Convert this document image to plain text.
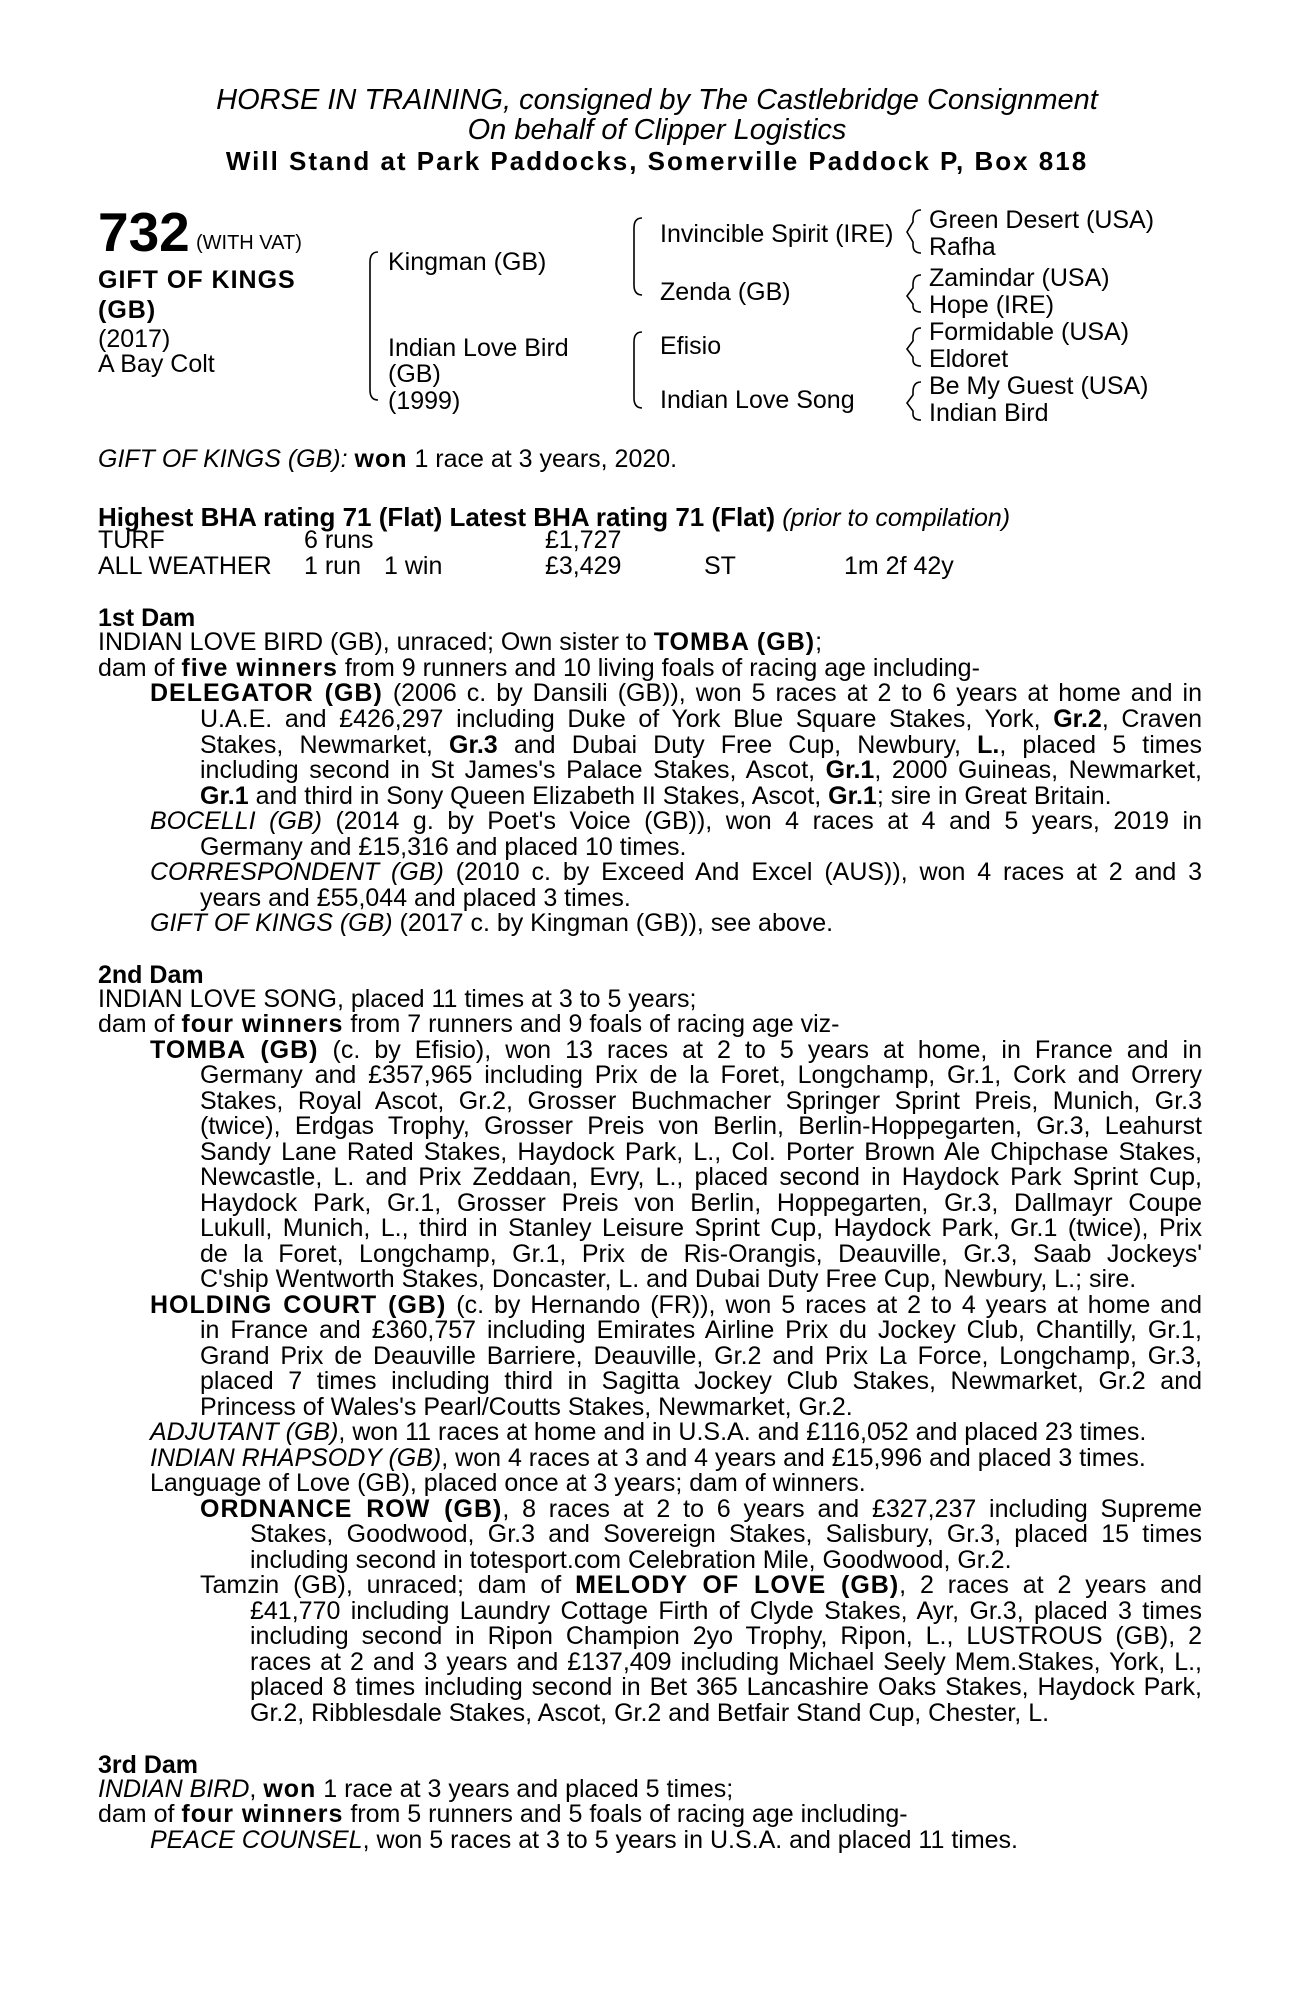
HORSE IN TRAINING, consigned by The Castlebridge Consignment
On behalf of Clipper Logistics
Will Stand at Park Paddocks, Somerville Paddock P, Box 818
732 (WITH VAT)
GIFT OF KINGS (GB)
(2017)
A Bay Colt
Kingman (GB)
Indian Love Bird
(GB)
(1999)
Invincible Spirit (IRE)
Zenda (GB)
Efisio
Indian Love Song
Green Desert (USA)
Rafha
Zamindar (USA)
Hope (IRE)
Formidable (USA)
Eldoret
Be My Guest (USA)
Indian Bird
GIFT OF KINGS (GB): won 1 race at 3 years, 2020.
Highest BHA rating 71 (Flat) Latest BHA rating 71 (Flat) (prior to compilation)
TURF	6 runs	£1,727
ALL WEATHER 1 run 1 win	£3,429	ST	1m 2f 42y
1st Dam
INDIAN LOVE BIRD (GB), unraced; Own sister to TOMBA (GB);
dam of five winners from 9 runners and 10 living foals of racing age including-
DELEGATOR (GB) (2006 c. by Dansili (GB)), won 5 races at 2 to 6 years at home and in
U.A.E. and £426,297 including Duke of York Blue Square Stakes, York, Gr.2, Craven
Stakes, Newmarket, Gr.3 and Dubai Duty Free Cup, Newbury, L., placed 5 times
including second in St James's Palace Stakes, Ascot, Gr.1, 2000 Guineas, Newmarket,
Gr.1 and third in Sony Queen Elizabeth II Stakes, Ascot, Gr.1; sire in Great Britain.
BOCELLI (GB) (2014 g. by Poet's Voice (GB)), won 4 races at 4 and 5 years, 2019 in
Germany and £15,316 and placed 10 times.
CORRESPONDENT (GB) (2010 c. by Exceed And Excel (AUS)), won 4 races at 2 and 3
years and £55,044 and placed 3 times.
GIFT OF KINGS (GB) (2017 c. by Kingman (GB)), see above.
2nd Dam
INDIAN LOVE SONG, placed 11 times at 3 to 5 years;
dam of four winners from 7 runners and 9 foals of racing age viz-
TOMBA (GB) (c. by Efisio), won 13 races at 2 to 5 years at home, in France and in
Germany and £357,965 including Prix de la Foret, Longchamp, Gr.1, Cork and Orrery
Stakes, Royal Ascot, Gr.2, Grosser Buchmacher Springer Sprint Preis, Munich, Gr.3
(twice), Erdgas Trophy, Grosser Preis von Berlin, Berlin-Hoppegarten, Gr.3, Leahurst
Sandy Lane Rated Stakes, Haydock Park, L., Col. Porter Brown Ale Chipchase Stakes,
Newcastle, L. and Prix Zeddaan, Evry, L., placed second in Haydock Park Sprint Cup,
Haydock Park, Gr.1, Grosser Preis von Berlin, Hoppegarten, Gr.3, Dallmayr Coupe
Lukull, Munich, L., third in Stanley Leisure Sprint Cup, Haydock Park, Gr.1 (twice), Prix
de la Foret, Longchamp, Gr.1, Prix de Ris-Orangis, Deauville, Gr.3, Saab Jockeys'
C'ship Wentworth Stakes, Doncaster, L. and Dubai Duty Free Cup, Newbury, L.; sire.
HOLDING COURT (GB) (c. by Hernando (FR)), won 5 races at 2 to 4 years at home and
in France and £360,757 including Emirates Airline Prix du Jockey Club, Chantilly, Gr.1,
Grand Prix de Deauville Barriere, Deauville, Gr.2 and Prix La Force, Longchamp, Gr.3,
placed 7 times including third in Sagitta Jockey Club Stakes, Newmarket, Gr.2 and
Princess of Wales's Pearl/Coutts Stakes, Newmarket, Gr.2.
ADJUTANT (GB), won 11 races at home and in U.S.A. and £116,052 and placed 23 times.
INDIAN RHAPSODY (GB), won 4 races at 3 and 4 years and £15,996 and placed 3 times.
Language of Love (GB), placed once at 3 years; dam of winners.
ORDNANCE ROW (GB), 8 races at 2 to 6 years and £327,237 including Supreme
Stakes, Goodwood, Gr.3 and Sovereign Stakes, Salisbury, Gr.3, placed 15 times
including second in totesport.com Celebration Mile, Goodwood, Gr.2.
Tamzin (GB), unraced; dam of MELODY OF LOVE (GB), 2 races at 2 years and
£41,770 including Laundry Cottage Firth of Clyde Stakes, Ayr, Gr.3, placed 3 times
including second in Ripon Champion 2yo Trophy, Ripon, L., LUSTROUS (GB), 2
races at 2 and 3 years and £137,409 including Michael Seely Mem.Stakes, York, L.,
placed 8 times including second in Bet 365 Lancashire Oaks Stakes, Haydock Park,
Gr.2, Ribblesdale Stakes, Ascot, Gr.2 and Betfair Stand Cup, Chester, L.
3rd Dam
INDIAN BIRD, won 1 race at 3 years and placed 5 times;
dam of four winners from 5 runners and 5 foals of racing age including-
PEACE COUNSEL, won 5 races at 3 to 5 years in U.S.A. and placed 11 times.
